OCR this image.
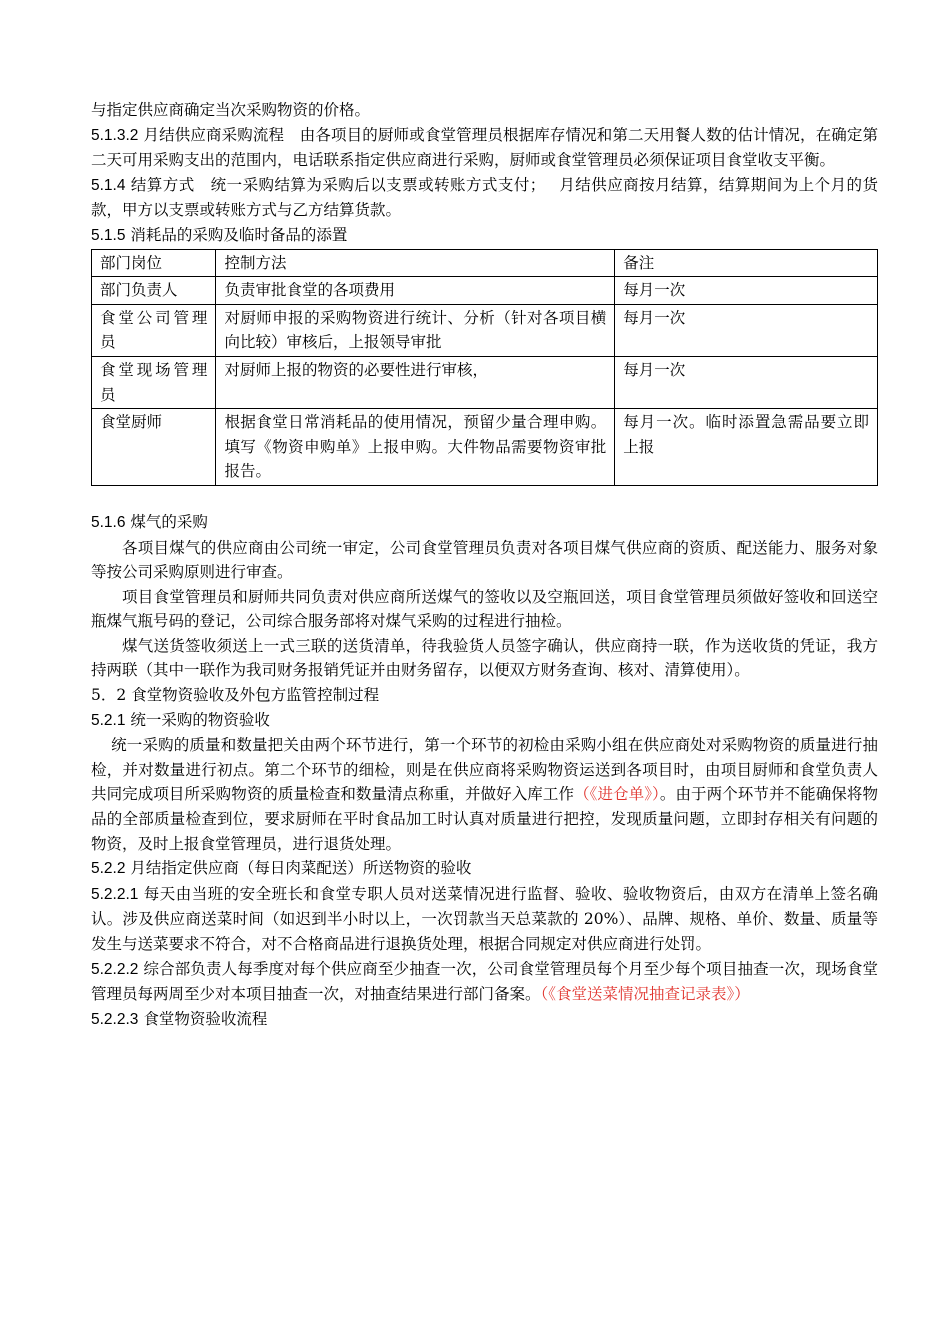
与指定供应商确定当次采购物资的价格。

5.1.3.2 月结供应商采购流程　由各项目的厨师或食堂管理员根据库存情况和第二天用餐人数的估计情况，在确定第二天可用采购支出的范围内，电话联系指定供应商进行采购，厨师或食堂管理员必须保证项目食堂收支平衡。

5.1.4 结算方式　统一采购结算为采购后以支票或转账方式支付；　 月结供应商按月结算，结算期间为上个月的货款，甲方以支票或转账方式与乙方结算货款。

5.1.5 消耗品的采购及临时备品的添置

部门岗位	控制方法	备注
部门负责人	负责审批食堂的各项费用	每月一次
食堂公司管理员	对厨师申报的采购物资进行统计、分析（针对各项目横向比较）审核后，上报领导审批	每月一次
食堂现场管理员	对厨师上报的物资的必要性进行审核，	每月一次
食堂厨师	根据食堂日常消耗品的使用情况，预留少量合理申购。填写《物资申购单》上报申购。大件物品需要物资审批报告。	每月一次。临时添置急需品要立即上报

5.1.6 煤气的采购

各项目煤气的供应商由公司统一审定，公司食堂管理员负责对各项目煤气供应商的资质、配送能力、服务对象等按公司采购原则进行审查。

项目食堂管理员和厨师共同负责对供应商所送煤气的签收以及空瓶回送，项目食堂管理员须做好签收和回送空瓶煤气瓶号码的登记，公司综合服务部将对煤气采购的过程进行抽检。

煤气送货签收须送上一式三联的送货清单，待我验货人员签字确认，供应商持一联，作为送收货的凭证，我方持两联（其中一联作为我司财务报销凭证并由财务留存，以便双方财务查询、核对、清算使用）。

5．2 食堂物资验收及外包方监管控制过程

5.2.1 统一采购的物资验收

统一采购的质量和数量把关由两个环节进行，第一个环节的初检由采购小组在供应商处对采购物资的质量进行抽检，并对数量进行初点。第二个环节的细检，则是在供应商将采购物资运送到各项目时，由项目厨师和食堂负责人共同完成项目所采购物资的质量检查和数量清点称重，并做好入库工作（《进仓单》）。由于两个环节并不能确保将物品的全部质量检查到位，要求厨师在平时食品加工时认真对质量进行把控，发现质量问题，立即封存相关有问题的物资，及时上报食堂管理员，进行退货处理。

5.2.2 月结指定供应商（每日肉菜配送）所送物资的验收

5.2.2.1 每天由当班的安全班长和食堂专职人员对送菜情况进行监督、验收、验收物资后，由双方在清单上签名确认。涉及供应商送菜时间（如迟到半小时以上，一次罚款当天总菜款的 20%）、品牌、规格、单价、数量、质量等发生与送菜要求不符合，对不合格商品进行退换货处理，根据合同规定对供应商进行处罚。

5.2.2.2 综合部负责人每季度对每个供应商至少抽查一次，公司食堂管理员每个月至少每个项目抽查一次，现场食堂管理员每两周至少对本项目抽查一次，对抽查结果进行部门备案。（《食堂送菜情况抽查记录表》）

5.2.2.3 食堂物资验收流程
